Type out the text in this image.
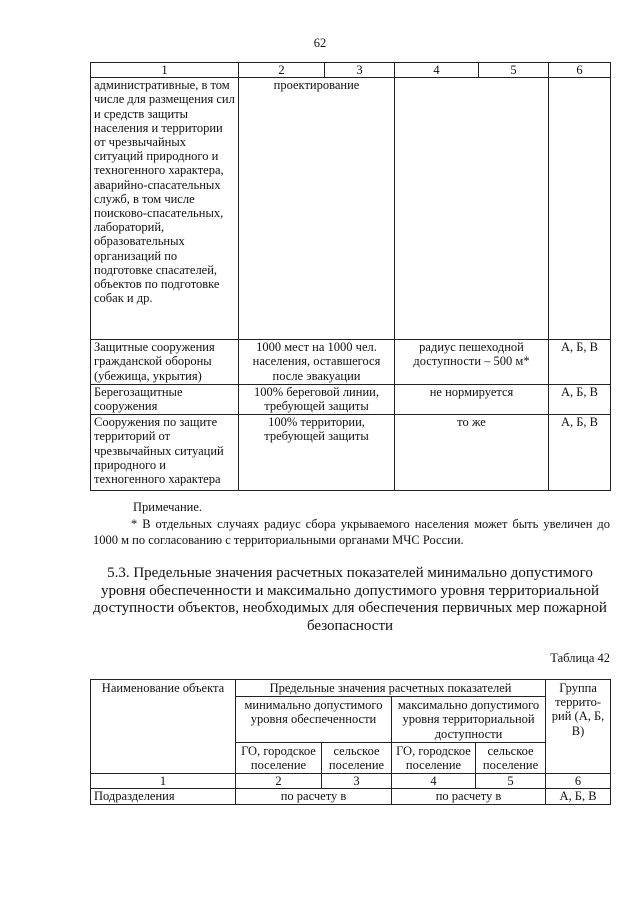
62
1	2	3	4	5	6
административные, в том числе для размещения сил и средств защиты населения и территории от чрезвычайных ситуаций природного и техногенного характера, аварийно-спасательных служб, в том числе поисково-спасательных, лабораторий, образовательных организаций по подготовке спасателей, объектов по подготовке собак и др.	проектирование				
Защитные сооружения гражданской обороны (убежища, укрытия)	1000 мест на 1000 чел. населения, оставшегося после эвакуации		радиус пешеходной доступности – 500 м*		А, Б, В
Берегозащитные сооружения	100% береговой линии, требующей защиты		не нормируется		А, Б, В
Сооружения по защите территорий от чрезвычайных ситуаций природного и техногенного характера	100% территории, требующей защиты		то же		А, Б, В
Примечание.
* В отдельных случаях радиус сбора укрываемого населения может быть увеличен до 1000 м по согласованию с территориальными органами МЧС России.
5.3. Предельные значения расчетных показателей минимально допустимого уровня обеспеченности и максимально допустимого уровня территориальной доступности объектов, необходимых для обеспечения первичных мер пожарной безопасности
Таблица 42
Наименование объекта	Предельные значения расчетных показателей				Группа террито-рий (А, Б, В)
	минимально допустимого уровня обеспеченности		максимально допустимого уровня территориальной доступности		
	ГО, городское поселение	сельское поселение	ГО, городское поселение	сельское поселение	
1	2	3	4	5	6
Подразделения	по расчету в		по расчету в		А, Б, В
